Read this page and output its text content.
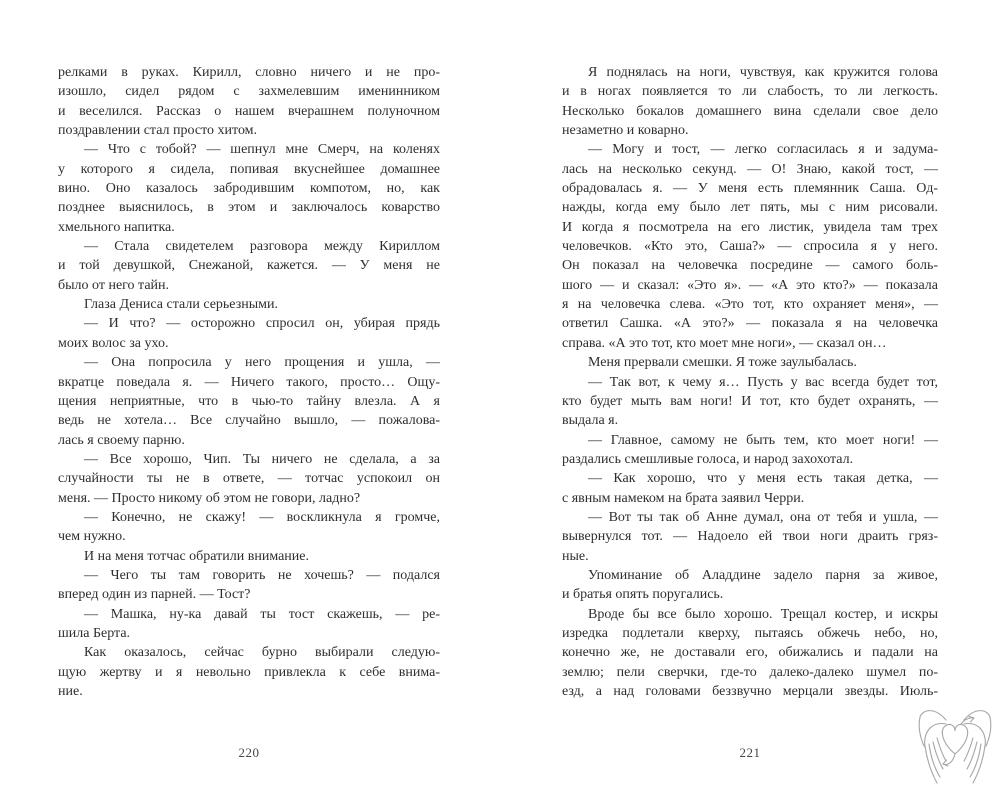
релками в руках. Кирилл, словно ничего и не про-
изошло, сидел рядом с захмелевшим именинником
и веселился. Рассказ о нашем вчерашнем полуночном
поздравлении стал просто хитом.
— Что с тобой? — шепнул мне Смерч, на коленях
у которого я сидела, попивая вкуснейшее домашнее
вино. Оно казалось забродившим компотом, но, как
позднее выяснилось, в этом и заключалось коварство
хмельного напитка.
— Стала свидетелем разговора между Кириллом
и той девушкой, Снежаной, кажется. — У меня не
было от него тайн.
Глаза Дениса стали серьезными.
— И что? — осторожно спросил он, убирая прядь
моих волос за ухо.
— Она попросила у него прощения и ушла, —
вкратце поведала я. — Ничего такого, просто… Ощу-
щения неприятные, что в чью-то тайну влезла. А я
ведь не хотела… Все случайно вышло, — пожалова-
лась я своему парню.
— Все хорошо, Чип. Ты ничего не сделала, а за
случайности ты не в ответе, — тотчас успокоил он
меня. — Просто никому об этом не говори, ладно?
— Конечно, не скажу! — воскликнула я громче,
чем нужно.
И на меня тотчас обратили внимание.
— Чего ты там говорить не хочешь? — подался
вперед один из парней. — Тост?
— Машка, ну-ка давай ты тост скажешь, — ре-
шила Берта.
Как оказалось, сейчас бурно выбирали следую-
щую жертву и я невольно привлекла к себе внима-
ние.
Я поднялась на ноги, чувствуя, как кружится голова
и в ногах появляется то ли слабость, то ли легкость.
Несколько бокалов домашнего вина сделали свое дело
незаметно и коварно.
— Могу и тост, — легко согласилась я и задума-
лась на несколько секунд. — О! Знаю, какой тост, —
обрадовалась я. — У меня есть племянник Саша. Од-
нажды, когда ему было лет пять, мы с ним рисовали.
И когда я посмотрела на его листик, увидела там трех
человечков. «Кто это, Саша?» — спросила я у него.
Он показал на человечка посредине — самого боль-
шого — и сказал: «Это я». — «А это кто?» — показала
я на человечка слева. «Это тот, кто охраняет меня», —
ответил Сашка. «А это?» — показала я на человечка
справа. «А это тот, кто моет мне ноги», — сказал он…
Меня прервали смешки. Я тоже заулыбалась.
— Так вот, к чему я… Пусть у вас всегда будет тот,
кто будет мыть вам ноги! И тот, кто будет охранять, —
выдала я.
— Главное, самому не быть тем, кто моет ноги! —
раздались смешливые голоса, и народ захохотал.
— Как хорошо, что у меня есть такая детка, —
с явным намеком на брата заявил Черри.
— Вот ты так об Анне думал, она от тебя и ушла, —
вывернулся тот. — Надоело ей твои ноги драить гряз-
ные.
Упоминание об Аладдине задело парня за живое,
и братья опять поругались.
Вроде бы все было хорошо. Трещал костер, и искры
изредка подлетали кверху, пытаясь обжечь небо, но,
конечно же, не доставали его, обижались и падали на
землю; пели сверчки, где-то далеко-далеко шумел по-
езд, а над головами беззвучно мерцали звезды. Июль-
220	221
